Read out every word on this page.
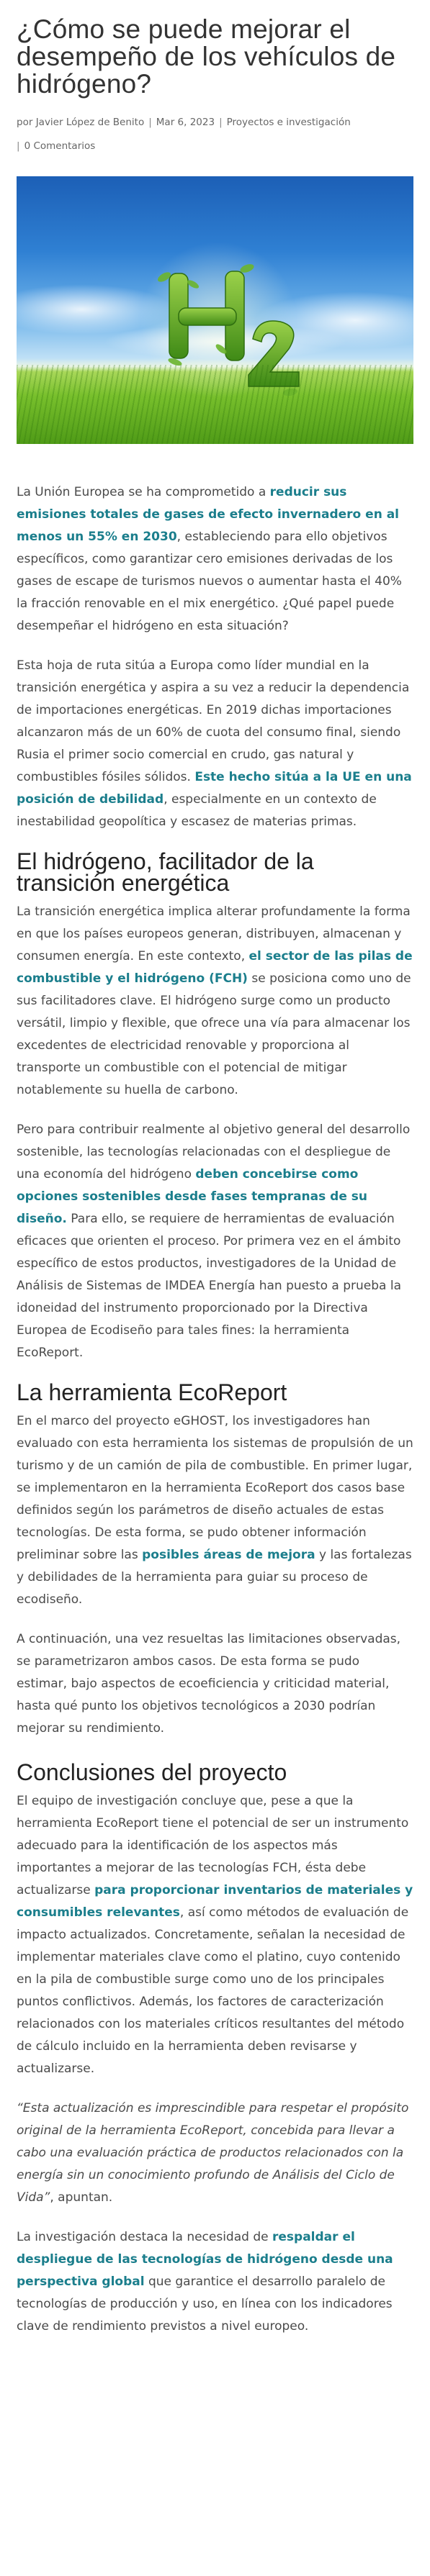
¿Cómo se puede mejorar el desempeño de los vehículos de hidrógeno?
por Javier López de Benito | Mar 6, 2023 | Proyectos e investigación
| 0 Comentarios

La Unión Europea se ha comprometido a reducir sus emisiones totales de gases de efecto invernadero en al menos un 55% en 2030, estableciendo para ello objetivos específicos, como garantizar cero emisiones derivadas de los gases de escape de turismos nuevos o aumentar hasta el 40% la fracción renovable en el mix energético. ¿Qué papel puede desempeñar el hidrógeno en esta situación?

Esta hoja de ruta sitúa a Europa como líder mundial en la transición energética y aspira a su vez a reducir la dependencia de importaciones energéticas. En 2019 dichas importaciones alcanzaron más de un 60% de cuota del consumo final, siendo Rusia el primer socio comercial en crudo, gas natural y combustibles fósiles sólidos. Este hecho sitúa a la UE en una posición de debilidad, especialmente en un contexto de inestabilidad geopolítica y escasez de materias primas.

El hidrógeno, facilitador de la transición energética

La transición energética implica alterar profundamente la forma en que los países europeos generan, distribuyen, almacenan y consumen energía. En este contexto, el sector de las pilas de combustible y el hidrógeno (FCH) se posiciona como uno de sus facilitadores clave. El hidrógeno surge como un producto versátil, limpio y flexible, que ofrece una vía para almacenar los excedentes de electricidad renovable y proporciona al transporte un combustible con el potencial de mitigar notablemente su huella de carbono.

Pero para contribuir realmente al objetivo general del desarrollo sostenible, las tecnologías relacionadas con el despliegue de una economía del hidrógeno deben concebirse como opciones sostenibles desde fases tempranas de su diseño. Para ello, se requiere de herramientas de evaluación eficaces que orienten el proceso. Por primera vez en el ámbito específico de estos productos, investigadores de la Unidad de Análisis de Sistemas de IMDEA Energía han puesto a prueba la idoneidad del instrumento proporcionado por la Directiva Europea de Ecodiseño para tales fines: la herramienta EcoReport.

La herramienta EcoReport

En el marco del proyecto eGHOST, los investigadores han evaluado con esta herramienta los sistemas de propulsión de un turismo y de un camión de pila de combustible. En primer lugar, se implementaron en la herramienta EcoReport dos casos base definidos según los parámetros de diseño actuales de estas tecnologías. De esta forma, se pudo obtener información preliminar sobre las posibles áreas de mejora y las fortalezas y debilidades de la herramienta para guiar su proceso de ecodiseño.

A continuación, una vez resueltas las limitaciones observadas, se parametrizaron ambos casos. De esta forma se pudo estimar, bajo aspectos de ecoeficiencia y criticidad material, hasta qué punto los objetivos tecnológicos a 2030 podrían mejorar su rendimiento.

Conclusiones del proyecto

El equipo de investigación concluye que, pese a que la herramienta EcoReport tiene el potencial de ser un instrumento adecuado para la identificación de los aspectos más importantes a mejorar de las tecnologías FCH, ésta debe actualizarse para proporcionar inventarios de materiales y consumibles relevantes, así como métodos de evaluación de impacto actualizados. Concretamente, señalan la necesidad de implementar materiales clave como el platino, cuyo contenido en la pila de combustible surge como uno de los principales puntos conflictivos. Además, los factores de caracterización relacionados con los materiales críticos resultantes del método de cálculo incluido en la herramienta deben revisarse y actualizarse.

“Esta actualización es imprescindible para respetar el propósito original de la herramienta EcoReport, concebida para llevar a cabo una evaluación práctica de productos relacionados con la energía sin un conocimiento profundo de Análisis del Ciclo de Vida”, apuntan.

La investigación destaca la necesidad de respaldar el despliegue de las tecnologías de hidrógeno desde una perspectiva global que garantice el desarrollo paralelo de tecnologías de producción y uso, en línea con los indicadores clave de rendimiento previstos a nivel europeo.
